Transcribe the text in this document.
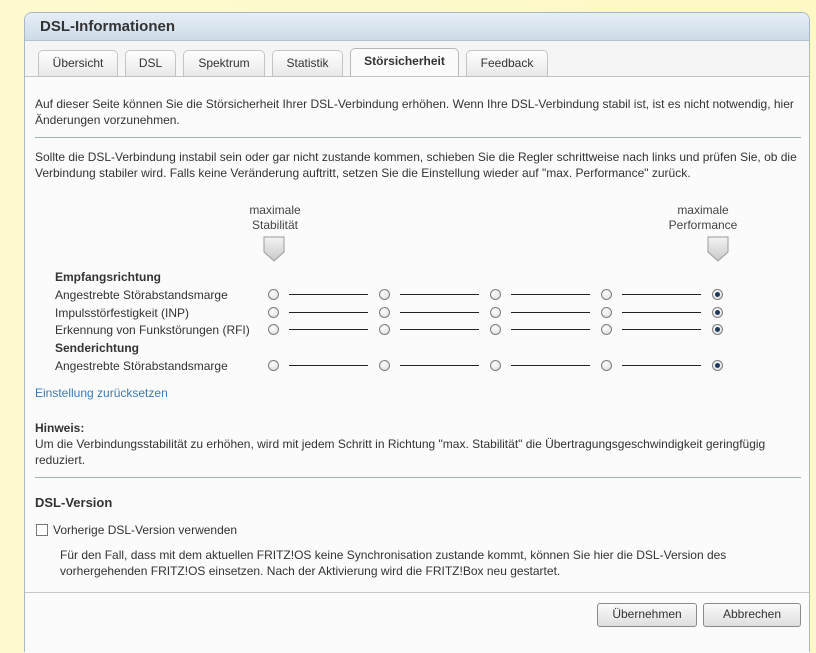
DSL-Informationen
Übersicht	DSL	Spektrum	Statistik	Störsicherheit	Feedback
Auf dieser Seite können Sie die Störsicherheit Ihrer DSL-Verbindung erhöhen. Wenn Ihre DSL-Verbindung stabil ist, ist es nicht notwendig, hier Änderungen vorzunehmen.
Sollte die DSL-Verbindung instabil sein oder gar nicht zustande kommen, schieben Sie die Regler schrittweise nach links und prüfen Sie, ob die Verbindung stabiler wird. Falls keine Veränderung auftritt, setzen Sie die Einstellung wieder auf "max. Performance" zurück.
maximale
Stabilität
maximale
Performance
Empfangsrichtung
Angestrebte Störabstandsmarge
Impulsstörfestigkeit (INP)
Erkennung von Funkstörungen (RFI)
Senderichtung
Angestrebte Störabstandsmarge
Einstellung zurücksetzen
Hinweis:
Um die Verbindungsstabilität zu erhöhen, wird mit jedem Schritt in Richtung "max. Stabilität" die Übertragungsgeschwindigkeit geringfügig reduziert.
DSL-Version
Vorherige DSL-Version verwenden
Für den Fall, dass mit dem aktuellen FRITZ!OS keine Synchronisation zustande kommt, können Sie hier die DSL-Version des vorhergehenden FRITZ!OS einsetzen. Nach der Aktivierung wird die FRITZ!Box neu gestartet.
Übernehmen	Abbrechen
